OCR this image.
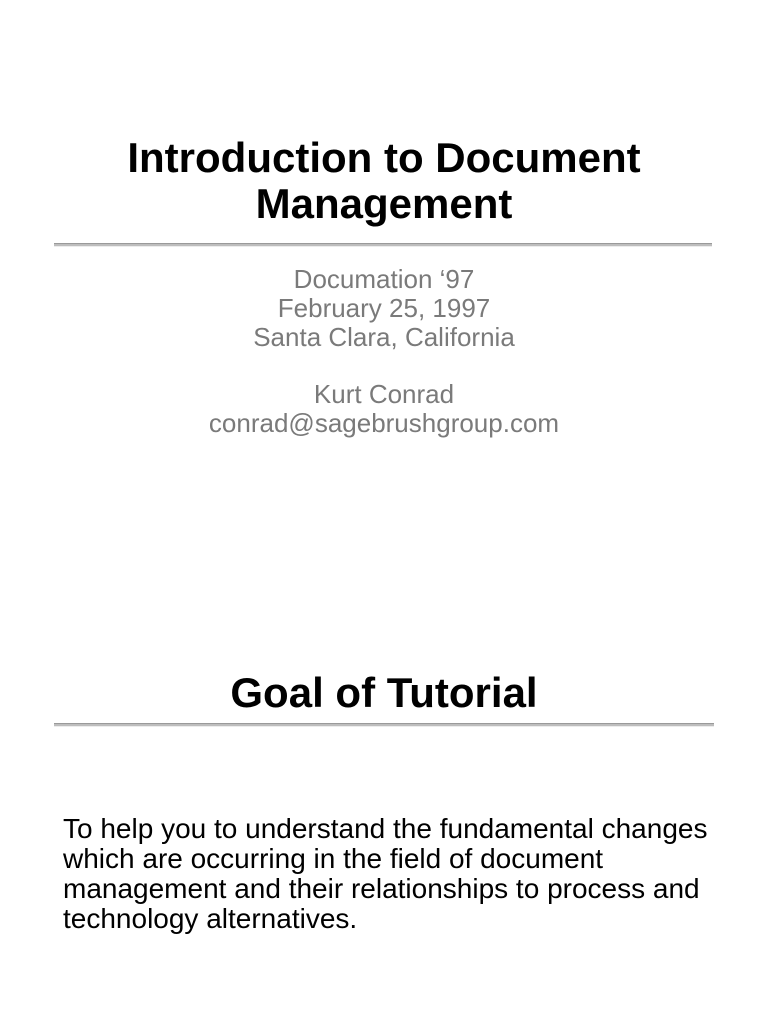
Introduction to Document Management
Documation ‘97
February 25, 1997
Santa Clara, California
Kurt Conrad
conrad@sagebrushgroup.com
Goal of Tutorial
To help you to understand the fundamental changes which are occurring in the field of document management and their relationships to process and technology alternatives.
